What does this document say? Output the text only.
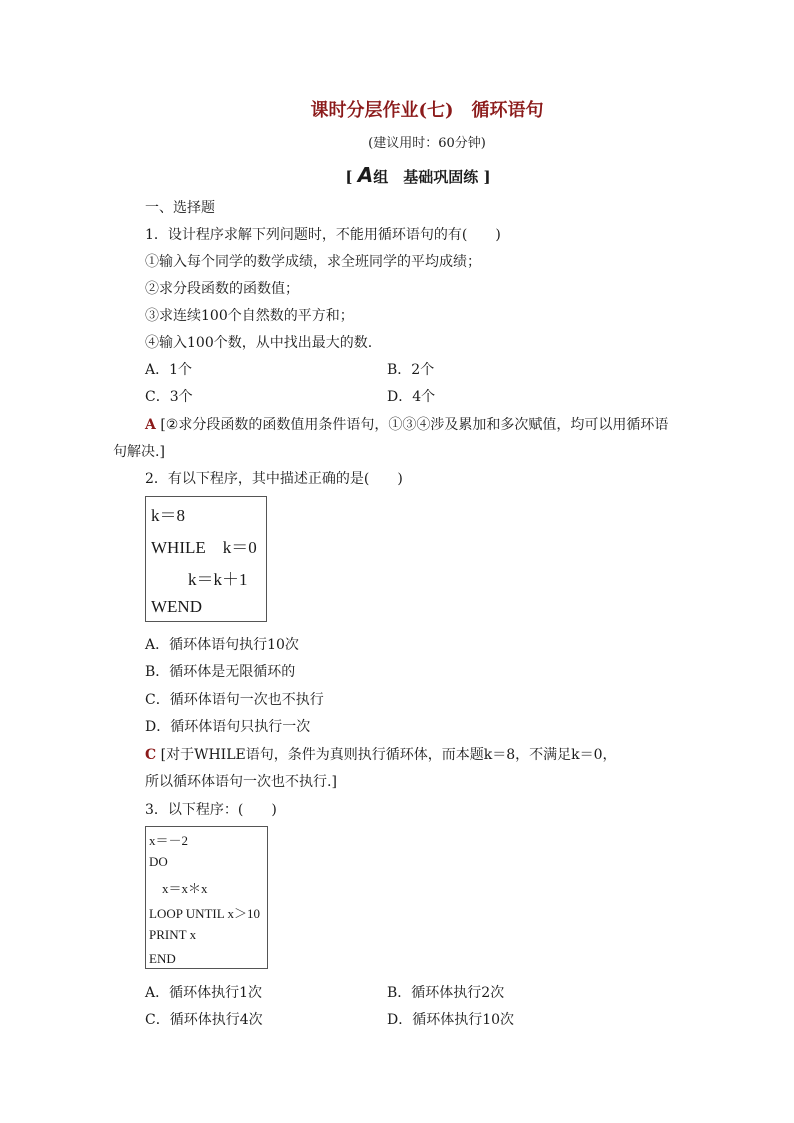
课时分层作业(七)　循环语句
(建议用时：60分钟)
[ A组　基础巩固练 ]
一、选择题
1．设计程序求解下列问题时，不能用循环语句的有(　　)
①输入每个同学的数学成绩，求全班同学的平均成绩；
②求分段函数的函数值；
③求连续100个自然数的平方和；
④输入100个数，从中找出最大的数.
A．1个	B．2个
C．3个	D．4个
A [②求分段函数的函数值用条件语句，①③④涉及累加和多次赋值，均可以用循环语
句解决.]
2．有以下程序，其中描述正确的是(　　)
k＝8
WHILE　k＝0
k＝k＋1
WEND
A．循环体语句执行10次
B．循环体是无限循环的
C．循环体语句一次也不执行
D．循环体语句只执行一次
C [对于WHILE语句，条件为真则执行循环体，而本题k＝8，不满足k＝0，
所以循环体语句一次也不执行.]
3．以下程序：(　　)
x＝－2
DO
x＝x＊x
LOOP UNTIL x＞10
PRINT x
END
A．循环体执行1次	B．循环体执行2次
C．循环体执行4次	D．循环体执行10次
